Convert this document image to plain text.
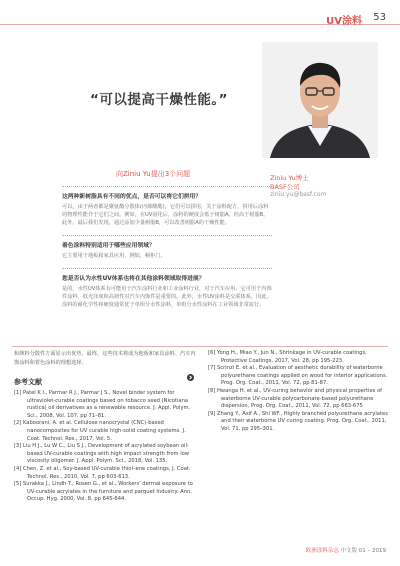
UV涂料 53
“可以提高干燥性能。”
Ziniu Yu博士
BASF公司
ziniu.yu@basf.com
向Ziniu Yu提出3个问题

这两种新树脂具有不同的优点，是否可以将它们拼用？

可以，由于两者都是聚氨酯分散体(丙烯酸酯)，它们可以拼用，关于涂料配方，拼用后涂料的物理性能介于它们之间。例如，在UV固化后，涂料的硬度会低于树脂A，但高于树脂B。此外，最后我们发现，通过添加少量树脂B，可以改善树脂A的干燥性能。

着色涂料特别适用于哪些应用领域？

它主要用于地板和家具应用，例如，橱柜门。

您是否认为水性UV体系也将在其他涂料领域取得进展？

是的。水性UV体系有可能用于汽车涂料行业和工业涂料行业，对于汽车应用，它可用于内饰件涂料，低光泽度和高韧性对汽车内饰件是重要的。此外，水性UV涂料是交联体系，因此，涂料的耐化学性和硬度通常优于单组分水性涂料，单组分水性涂料在工业领域非常流行。

和颜料分散性方面显示出优势，最终，这些技术将成为地板和家具涂料、汽车内饰涂料和着色涂料的理想选择。

参考文献
[1] Patel K I., Parmar R J., Parmar J S., Novel binder system for ultraviolet-curable coatings based on tobacco seed (Nicotiana rustica) oil derivatives as a renewable resource. J. Appl. Polym. Sci., 2008, Vol. 107, pp 71–81.
[2] Kaboorani, A. et al. Cellulose nanocrystal (CNC)-based nanocomposites for UV curable high-solid coating systems. J. Coat. Technol. Res., 2017, Vol. 5.
[3] Liu H J., Lu W C., Liu S J., Development of acrylated soybean oil-based UV-curable coatings with high impact strength from low viscosity oligomer. J. Appl. Polym. Sci., 2018, Vol. 135.
[4] Chen, Z. et al., Soy-based UV-curable thiol–ene coatings, J. Coat. Technol. Res., 2010, Vol. 7, pp 603-613.
[5] Surakka J., Lindh T., Rosen G., et al., Workers' dermal exposure to UV-curable acrylates in the furniture and parquet industry. Ann. Occup. Hyg. 2000, Vol. 8, pp 645-644.
[6] Yong H., Miao Y., Jun N., Shrinkage in UV-curable coatings, Protective Coatings, 2017, Vol. 28, pp 195-223.
[7] Scrinzi E. et al., Evaluation of aesthetic durability of waterborne polyurethane coatings applied on wood for interior applications. Prog. Org. Coat., 2011, Vol. 72, pp 81-87.
[8] Hwanga H. et al., UV-curing behavior and physical properties of waterborne UV-curable polycarbonate-based polyurethane dispersion, Prog. Org. Coat., 2011, Vol. 72, pp 663-675
[9] Zhang Y., Asif A., Shi WF., Highly branched polyurethane acrylates and their waterborne UV curing coating. Prog. Org. Coat., 2011, Vol. 71, pp 295–301.
欧洲涂料杂志 中文版 01 – 2019
